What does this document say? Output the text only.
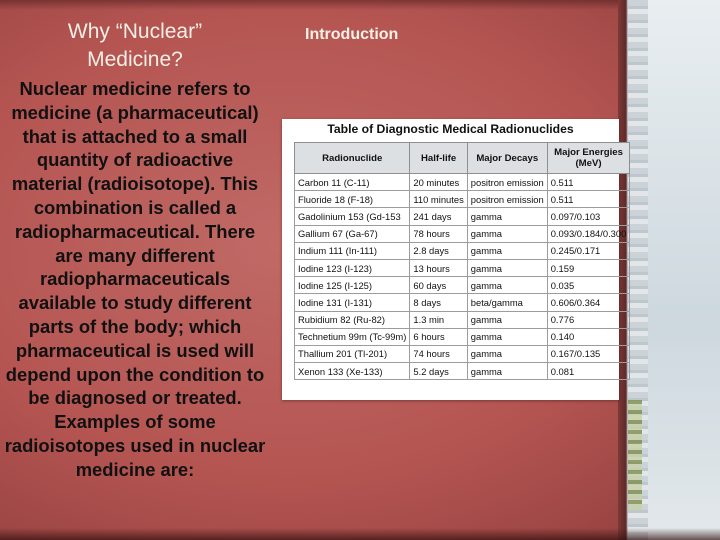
Why “Nuclear” Medicine?
Nuclear medicine refers to medicine (a pharmaceutical) that is attached to a small quantity of radioactive material (radioisotope). This combination is called a radiopharmaceutical. There are many different radiopharmaceuticals available to study different parts of the body; which pharmaceutical is used will depend upon the condition to be diagnosed or treated. Examples of some radioisotopes used in nuclear medicine are:
Introduction
Table of Diagnostic Medical Radionuclides
Radionuclide	Half-life	Major Decays	Major Energies
(MeV)
Carbon 11 (C-11)	20 minutes	positron emission	0.511
Fluoride 18 (F-18)	110 minutes	positron emission	0.511
Gadolinium 153 (Gd-153	241 days	gamma	0.097/0.103
Gallium 67 (Ga-67)	78 hours	gamma	0.093/0.184/0.300
Indium 111 (In-111)	2.8 days	gamma	0.245/0.171
Iodine 123 (I-123)	13 hours	gamma	0.159
Iodine 125 (I-125)	60 days	gamma	0.035
Iodine 131 (I-131)	8 days	beta/gamma	0.606/0.364
Rubidium 82 (Ru-82)	1.3 min	gamma	0.776
Technetium 99m (Tc-99m)	6 hours	gamma	0.140
Thallium 201 (Tl-201)	74 hours	gamma	0.167/0.135
Xenon 133 (Xe-133)	5.2 days	gamma	0.081
